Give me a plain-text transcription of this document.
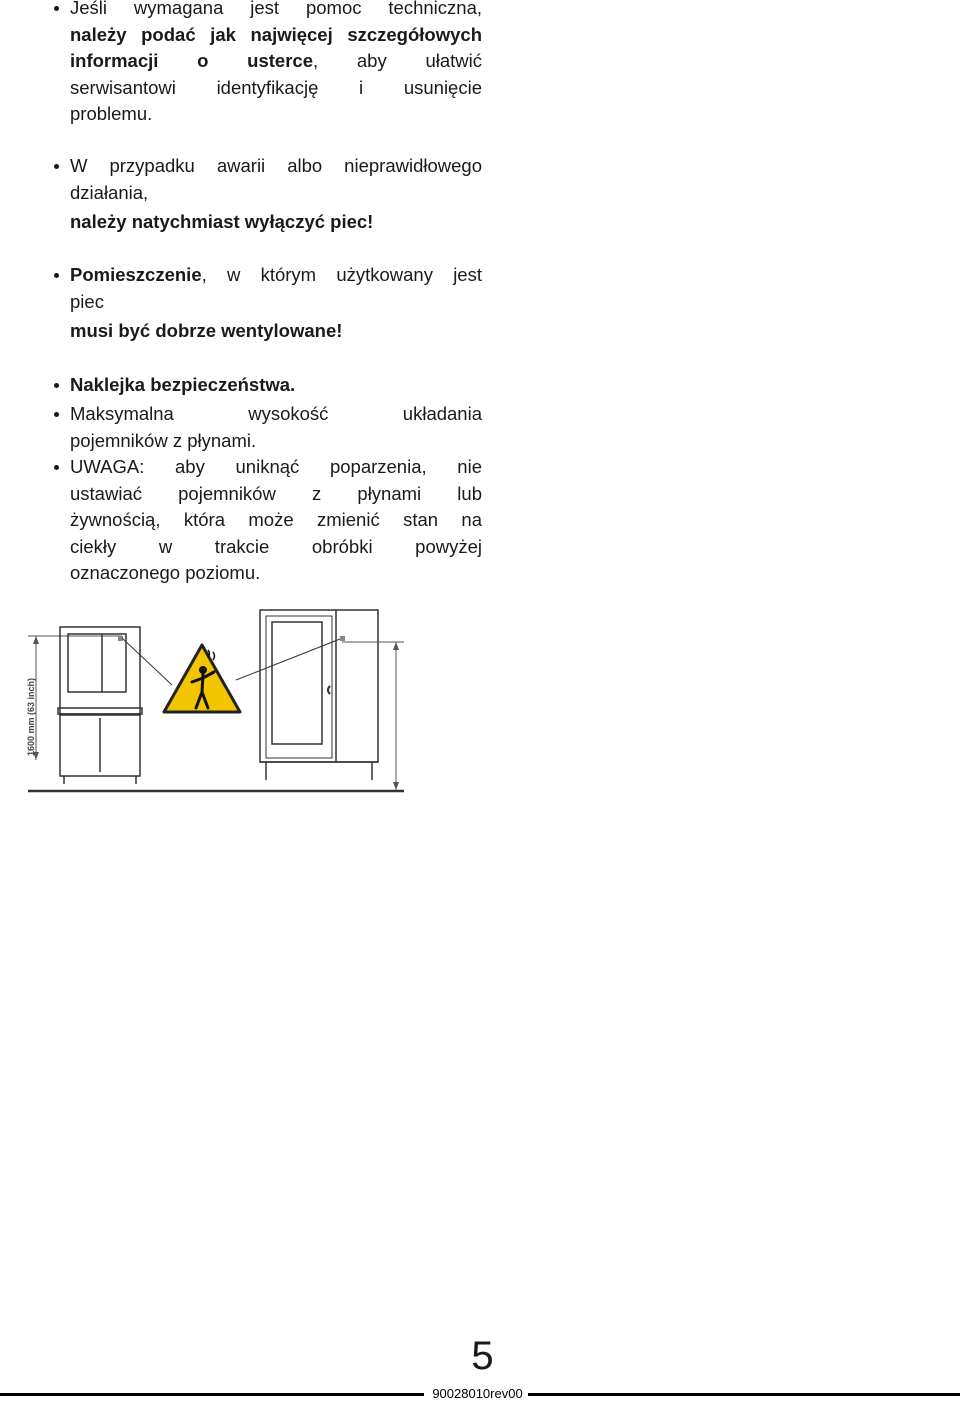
Jeśli wymagana jest pomoc techniczna,
należy podać jak najwięcej szczegółowych
informacji o usterce, aby ułatwić
serwisantowi identyfikację i usunięcie
problemu.
W przypadku awarii albo nieprawidłowego
działania,
należy natychmiast wyłączyć piec!
Pomieszczenie, w którym użytkowany jest
piec
musi być dobrze wentylowane!
Naklejka bezpieczeństwa.
Maksymalna wysokość układania
pojemników z płynami.
UWAGA: aby uniknąć poparzenia, nie
ustawiać pojemników z płynami lub
żywnością, która może zmienić stan na
ciekły w trakcie obróbki powyżej
oznaczonego poziomu.
1600 mm (63 inch)
5
90028010rev00
